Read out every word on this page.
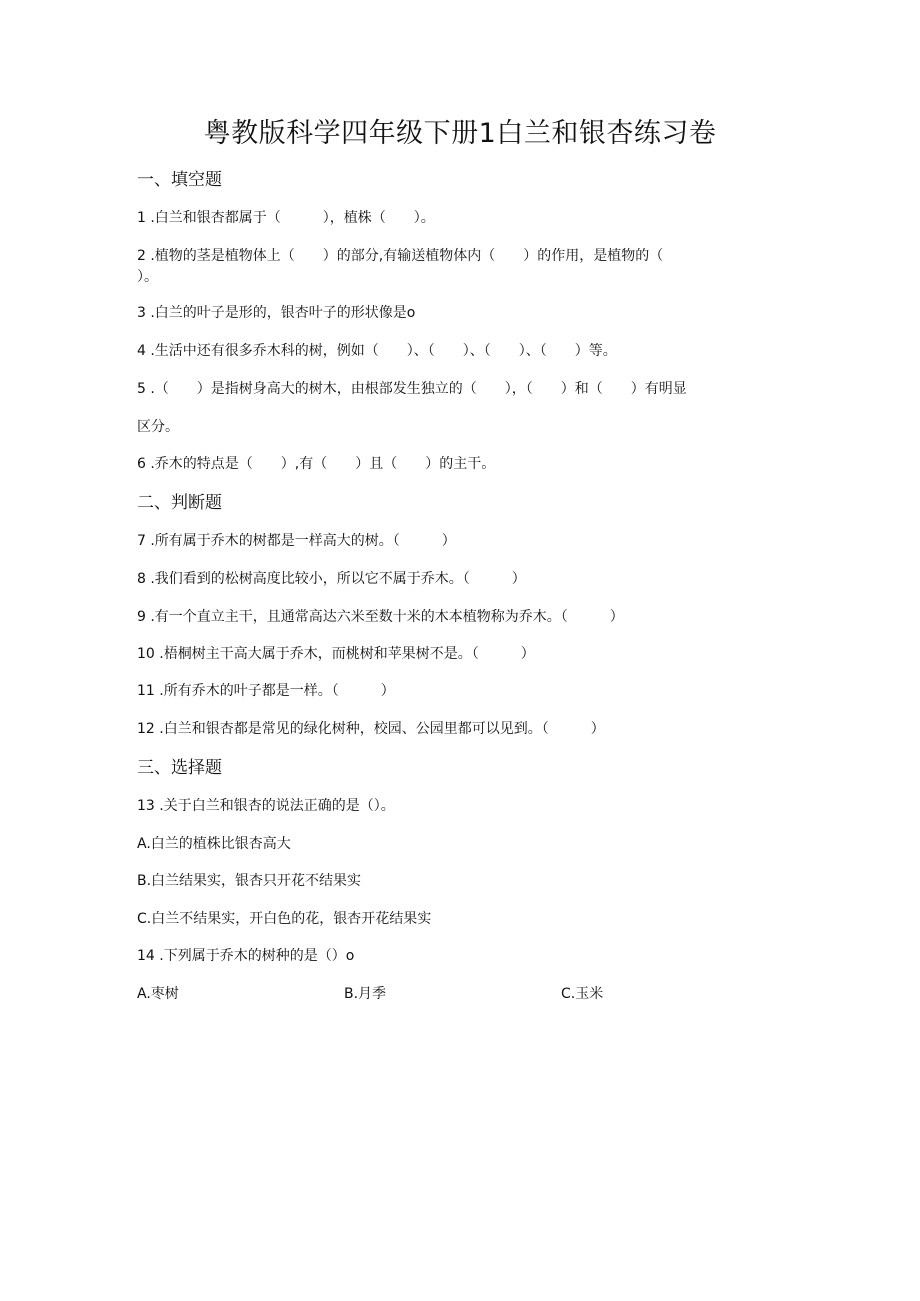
粤教版科学四年级下册1白兰和银杏练习卷
一、填空题
1 .白兰和银杏都属于（　　　），植株（　　）。
2 .植物的茎是植物体上（　　）的部分,有输送植物体内（　　）的作用，是植物的（
）。
3 .白兰的叶子是形的，银杏叶子的形状像是o
4 .生活中还有很多乔木科的树，例如（　　）、（　　）、（　　）、（　　）等。
5 .（　　）是指树身高大的树木，由根部发生独立的（　　），（　　）和（　　）有明显
区分。
6 .乔木的特点是（　　）,有（　　）且（　　）的主干。
二、判断题
7 .所有属于乔木的树都是一样高大的树。（　　　）
8 .我们看到的松树高度比较小，所以它不属于乔木。（　　　）
9 .有一个直立主干，且通常高达六米至数十米的木本植物称为乔木。（　　　）
10 .梧桐树主干高大属于乔木，而桃树和苹果树不是。（　　　）
11 .所有乔木的叶子都是一样。（　　　）
12 .白兰和银杏都是常见的绿化树种，校园、公园里都可以见到。（　　　）
三、选择题
13 .关于白兰和银杏的说法正确的是（）。
A.白兰的植株比银杏高大
B.白兰结果实，银杏只开花不结果实
C.白兰不结果实，开白色的花，银杏开花结果实
14 .下列属于乔木的树种的是（）o
A.枣树	B.月季	C.玉米
